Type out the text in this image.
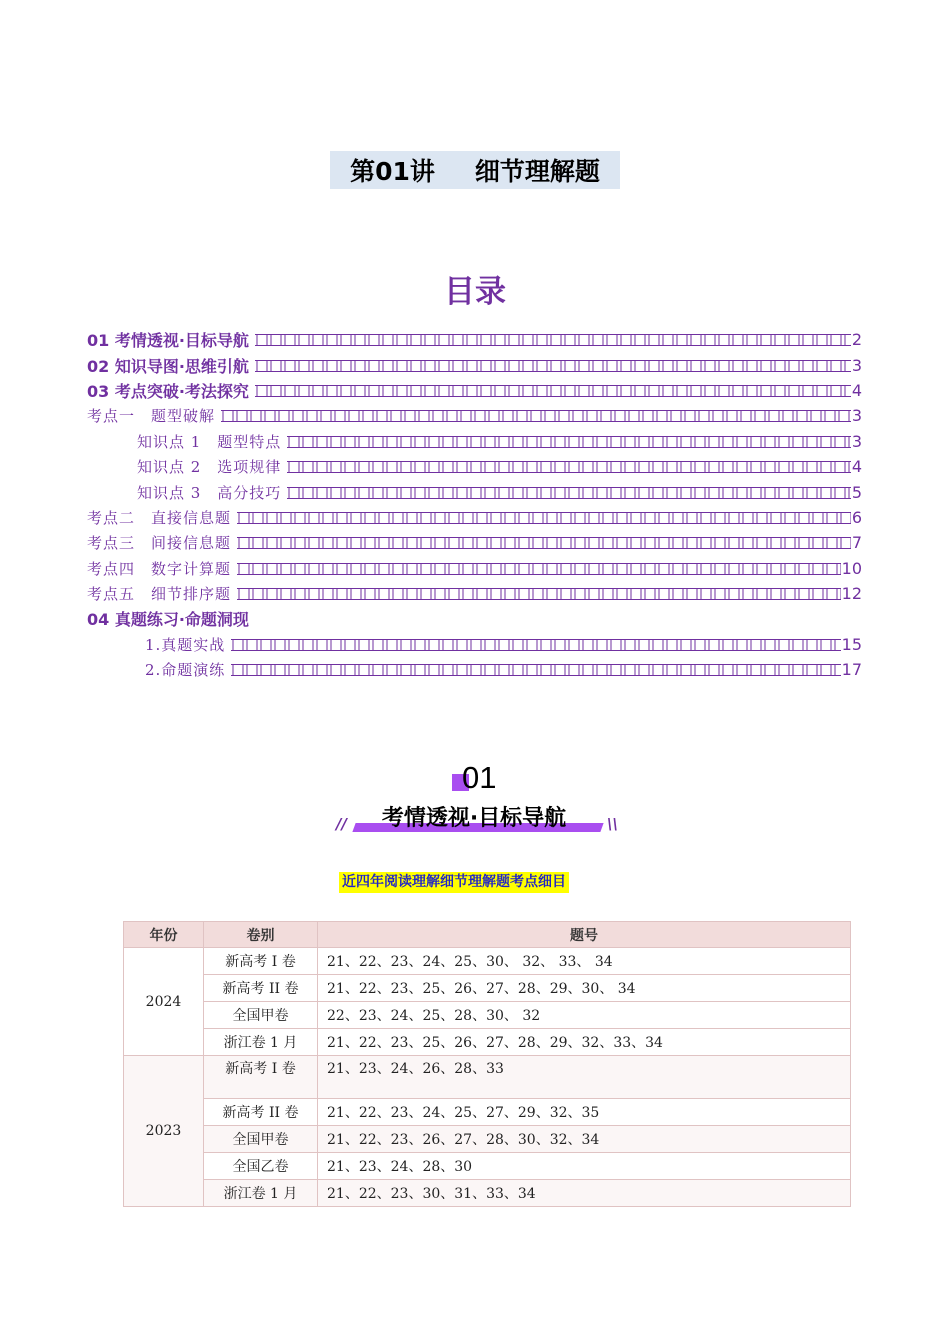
第01讲 细节理解题
目录
01 考情透视·目标导航	2
02 知识导图·思维引航	3
03 考点突破·考法探究	4
考点一　题型破解	3
知识点 1　题型特点	3
知识点 2　选项规律	4
知识点 3　高分技巧	5
考点二　直接信息题	6
考点三　间接信息题	7
考点四　数字计算题	10
考点五　细节排序题	12
04 真题练习·命题洞现
1.真题实战	15
2.命题演练	17
01
//	考情透视·目标导航	\\
近四年阅读理解细节理解题考点细目
年份	卷别	题号
2024	新高考 I 卷	21、22、23、24、25、30、 32、 33、 34
	新高考 II 卷	21、22、23、25、26、27、28、29、30、 34
	全国甲卷	22、23、24、25、28、30、 32
	浙江卷 1 月	21、22、23、25、26、27、28、29、32、33、34
2023	新高考 I 卷	21、23、24、26、28、33
	新高考 II 卷	21、22、23、24、25、27、29、32、35
	全国甲卷	21、22、23、26、27、28、30、32、34
	全国乙卷	21、23、24、28、30
	浙江卷 1 月	21、22、23、30、31、33、34
